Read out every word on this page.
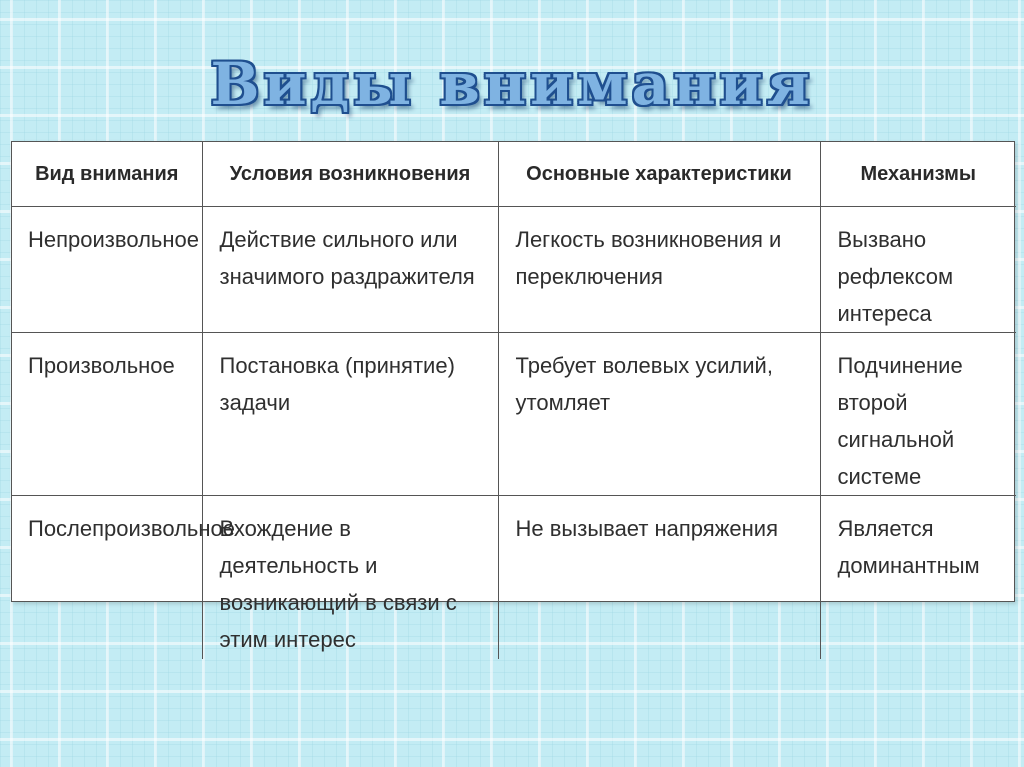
Виды внимания
Вид внимания	Условия возникновения	Основные характеристики	Механизмы
Непроизвольное	Действие сильного или значимого раздражителя	Легкость возникновения и переключения	Вызвано рефлексом интереса
Произвольное	Постановка (принятие) задачи	Требует волевых усилий, утомляет	Подчинение второй сигнальной системе
Послепроизвольное	Вхождение в деятельность и возникающий в связи с этим интерес	Не вызывает напряжения	Является доминантным
